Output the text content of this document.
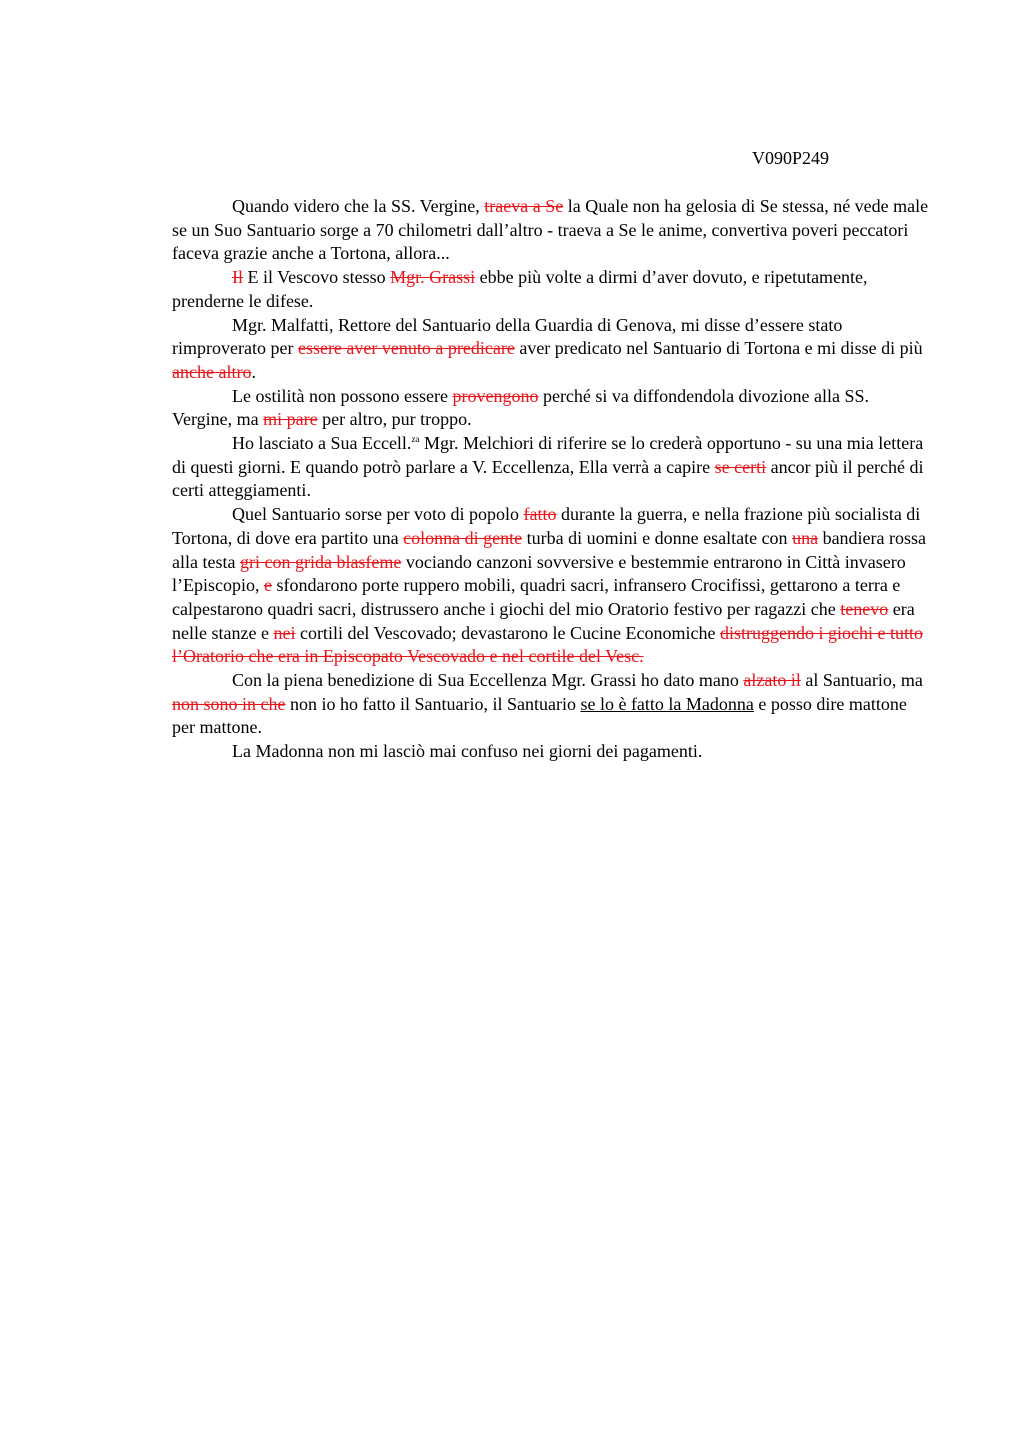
V090P249

Quando videro che la SS. Vergine, traeva a Se la Quale non ha gelosia di Se stessa, né vede male se un Suo Santuario sorge a 70 chilometri dall’altro - traeva a Se le anime, convertiva poveri peccatori faceva grazie anche a Tortona, allora...

Il E il Vescovo stesso Mgr. Grassi ebbe più volte a dirmi d’aver dovuto, e ripetutamente, prenderne le difese.

Mgr. Malfatti, Rettore del Santuario della Guardia di Genova, mi disse d’essere stato rimproverato per essere aver venuto a predicare aver predicato nel Santuario di Tortona e mi disse di più anche altro.

Le ostilità non possono essere provengono perché si va diffondendola divozione alla SS. Vergine, ma mi pare per altro, pur troppo.

Ho lasciato a Sua Eccell.$^{za}$ Mgr. Melchiori di riferire se lo crederà opportuno - su una mia lettera di questi giorni. E quando potrò parlare a V. Eccellenza, Ella verrà a capire se certi ancor più il perché di certi atteggiamenti.

Quel Santuario sorse per voto di popolo fatto durante la guerra, e nella frazione più socialista di Tortona, di dove era partito una colonna di gente turba di uomini e donne esaltate con una bandiera rossa alla testa gri con grida blasfeme vociando canzoni sovversive e bestemmie entrarono in Città invasero l’Episcopio, e sfondarono porte ruppero mobili, quadri sacri, infransero Crocifissi, gettarono a terra e calpestarono quadri sacri, distrussero anche i giochi del mio Oratorio festivo per ragazzi che tenevo era nelle stanze e nei cortili del Vescovado; devastarono le Cucine Economiche distruggendo i giochi e tutto l’Oratorio che era in Episcopato Vescovado e nel cortile del Vesc.

Con la piena benedizione di Sua Eccellenza Mgr. Grassi ho dato mano alzato il al Santuario, ma non sono in che non io ho fatto il Santuario, il Santuario se lo è fatto la Madonna e posso dire mattone per mattone.

La Madonna non mi lasciò mai confuso nei giorni dei pagamenti.
